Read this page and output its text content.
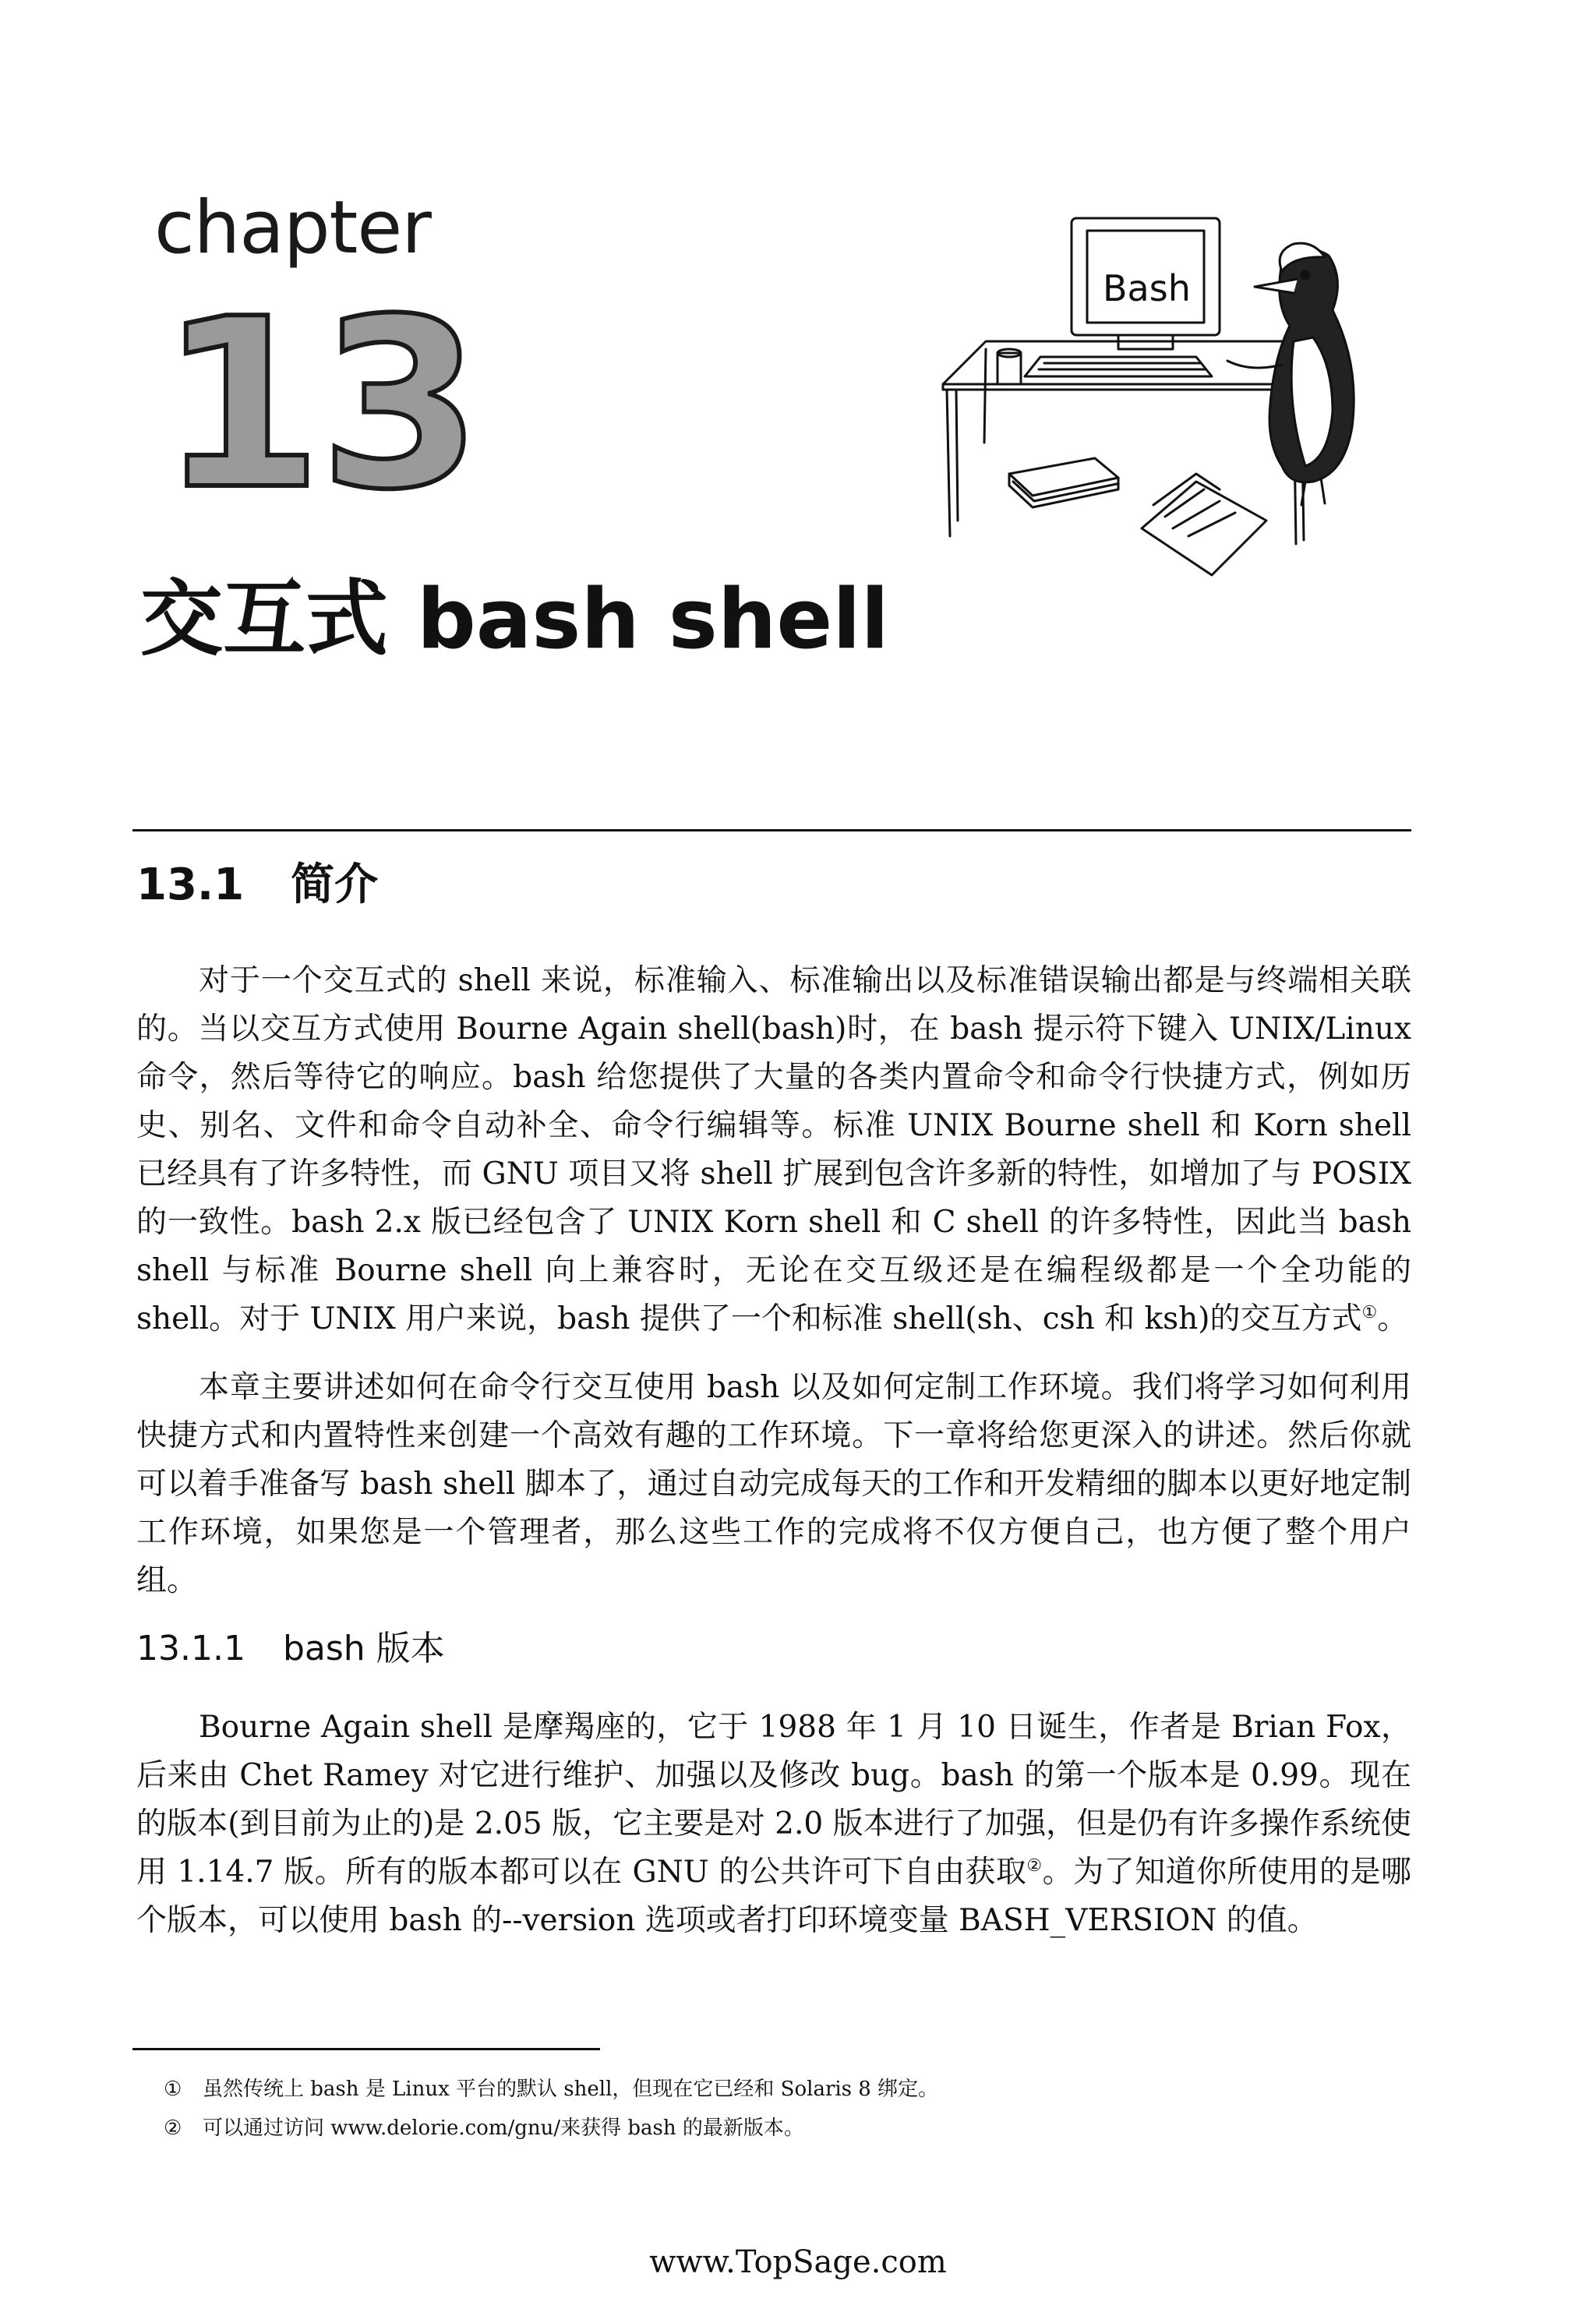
chapter
13
交互式 bash shell
Bash
13.1 简介

对于一个交互式的 shell 来说，标准输入、标准输出以及标准错误输出都是与终端相关联的。当以交互方式使用 Bourne Again shell(bash)时，在 bash 提示符下键入 UNIX/Linux 命令，然后等待它的响应。bash 给您提供了大量的各类内置命令和命令行快捷方式，例如历史、别名、文件和命令自动补全、命令行编辑等。标准 UNIX Bourne shell 和 Korn shell 已经具有了许多特性，而 GNU 项目又将 shell 扩展到包含许多新的特性，如增加了与 POSIX 的一致性。bash 2.x 版已经包含了 UNIX Korn shell 和 C shell 的许多特性，因此当 bash shell 与标准 Bourne shell 向上兼容时，无论在交互级还是在编程级都是一个全功能的 shell。对于 UNIX 用户来说，bash 提供了一个和标准 shell(sh、csh 和 ksh)的交互方式①。

本章主要讲述如何在命令行交互使用 bash 以及如何定制工作环境。我们将学习如何利用快捷方式和内置特性来创建一个高效有趣的工作环境。下一章将给您更深入的讲述。然后你就可以着手准备写 bash shell 脚本了，通过自动完成每天的工作和开发精细的脚本以更好地定制工作环境，如果您是一个管理者，那么这些工作的完成将不仅方便自己，也方便了整个用户组。

13.1.1 bash 版本

Bourne Again shell 是摩羯座的，它于 1988 年 1 月 10 日诞生，作者是 Brian Fox，后来由 Chet Ramey 对它进行维护、加强以及修改 bug。bash 的第一个版本是 0.99。现在的版本(到目前为止的)是 2.05 版，它主要是对 2.0 版本进行了加强，但是仍有许多操作系统使用 1.14.7 版。所有的版本都可以在 GNU 的公共许可下自由获取②。为了知道你所使用的是哪个版本，可以使用 bash 的--version 选项或者打印环境变量 BASH_VERSION 的值。

① 虽然传统上 bash 是 Linux 平台的默认 shell，但现在它已经和 Solaris 8 绑定。
② 可以通过访问 www.delorie.com/gnu/来获得 bash 的最新版本。
www.TopSage.com
